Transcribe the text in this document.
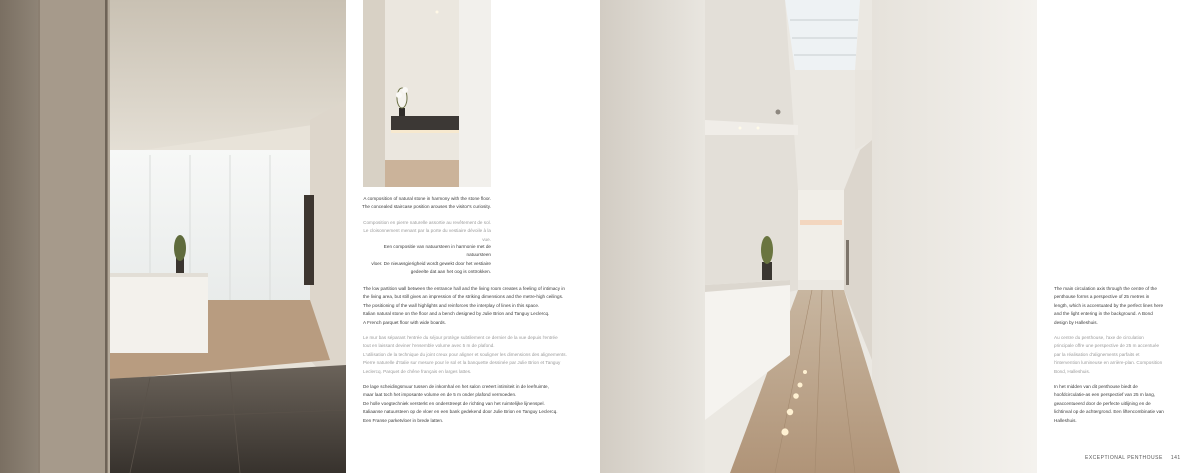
A composition of natural stone in harmony with the stone floor.

The concealed staircase position arouses the visitor's curiosity.

Composition en pierre naturelle assortie au revêtement de sol.

Le cloisonnement menant par la porte du vestiaire dévoile à la vue.

Een compositie van natuursteen in harmonie met de natuursteen

vloer. De nieuwsgierigheid wordt gewekt door het vestiaire

gedeelte dat aan het oog is onttrokken.

The low partition wall between the entrance hall and the living room creates a feeling of intimacy in

the living area, but still gives an impression of the striking dimensions and the metre-high ceilings.

The positioning of the wall highlights and reinforces the interplay of lines in this space.

Italian natural stone on the floor and a bench designed by Julie Brion and Tanguy Leclercq.

A French parquet floor with wide boards.

Le mur bas séparant l'entrée du séjour protège subtilement ce dernier de la vue depuis l'entrée

tout en laissant deviner l'ensemble volume avec 5 m de plafond.

L'utilisation de la technique du joint creux pour aligner et souligner les dimensions des alignements.

Pierre naturelle d'Italie sur mesure pour le sol et la banquette dessinée par Julie Brion et Tanguy

Leclercq. Parquet de chêne français en larges lattes.

De lage scheidingsmuur tussen de inkomhal en het salon creëert intimiteit in de leefruimte,

maar laat toch het imposante volume en de 5 m onder plafond vermoeden.

De holle voegtechniek versterkt en onderstreept de richting van het ruimtelijke lijnenspel.

Italiaanse natuursteen op de vloer en een bank gedekend door Julie Brion en Tanguy Leclercq.

Een Franse parketvloer in brede latten.

The main circulation axis through the centre of the

penthouse forms a perspective of 25 metres in

length, which is accentuated by the perfect lines here

and the light entering in the background. A Bond

design by Halleshuis.

Au centre du penthouse, l'axe de circulation

principale offre une perspective de 25 m accentuée

par la réalisation d'alignements parfaits et

l'intervention lumineuse en arrière-plan. Composition

Bond, Halleshuis.

In het midden van dit penthouse biedt de

hoofdcirculatie-as een perspectief van 25 m lang,

geaccentueerd door de perfecte uitlijning en de

lichtinval op de achtergrond. Een liftencombinatie van

Halleshuis.

EXCEPTIONAL PENTHOUSE 141
